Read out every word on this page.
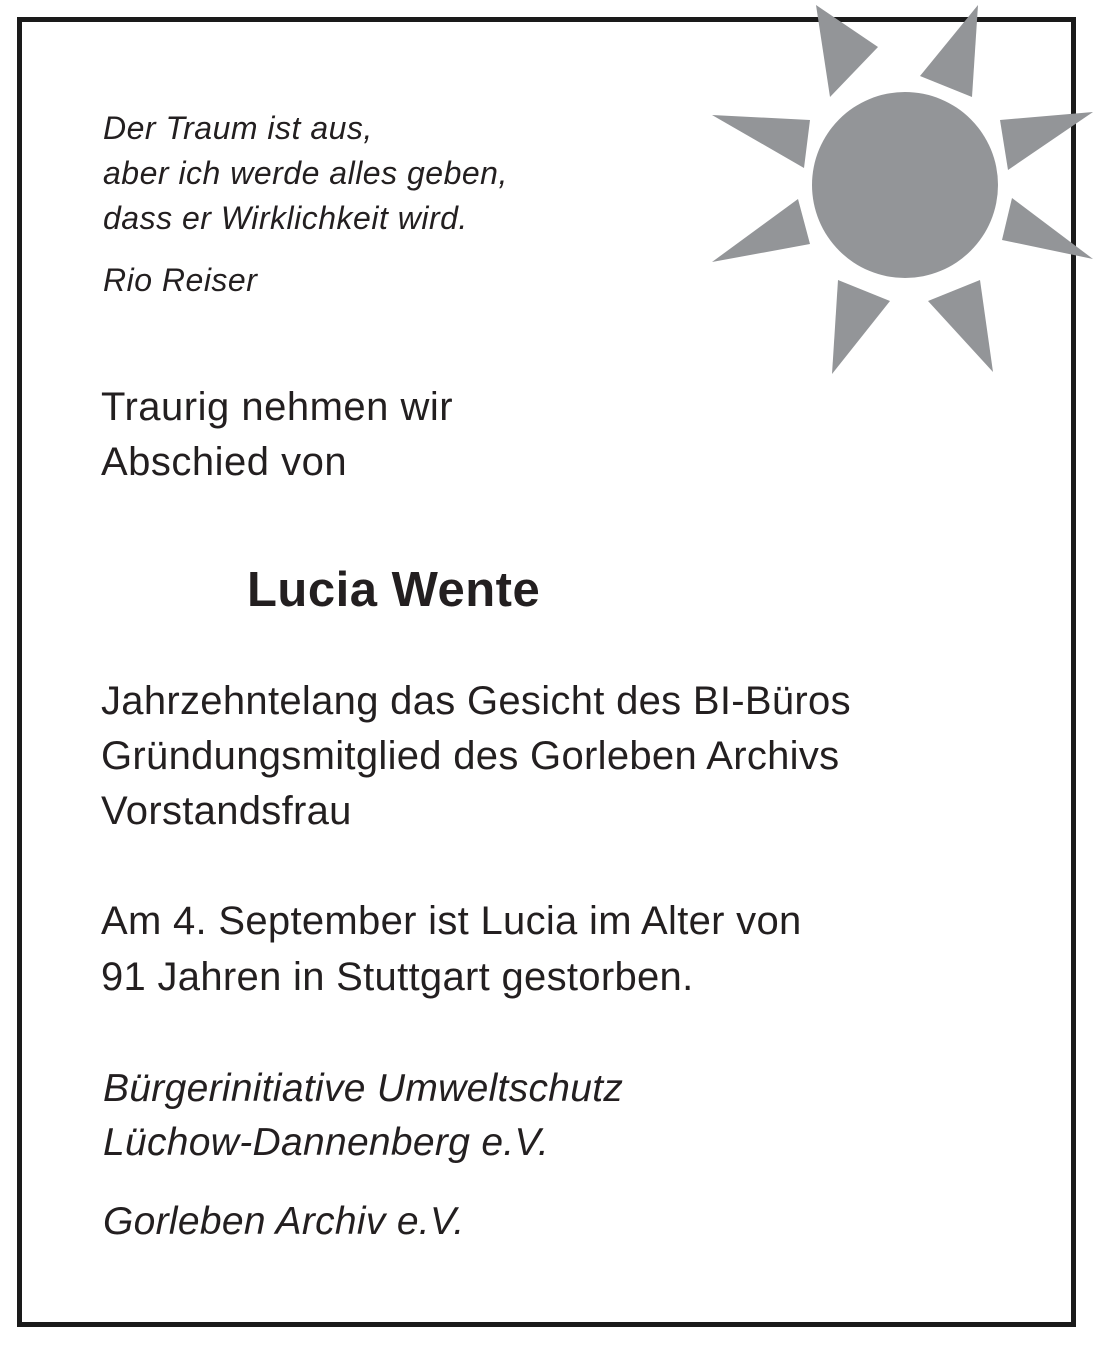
Der Traum ist aus,
aber ich werde alles geben,
dass er Wirklichkeit wird.
Rio Reiser
Traurig nehmen wir
Abschied von
Lucia Wente
Jahrzehntelang das Gesicht des BI-Büros
Gründungsmitglied des Gorleben Archivs
Vorstandsfrau
Am 4. September ist Lucia im Alter von
91 Jahren in Stuttgart gestorben.
Bürgerinitiative Umweltschutz
Lüchow-Dannenberg e.V.
Gorleben Archiv e.V.
